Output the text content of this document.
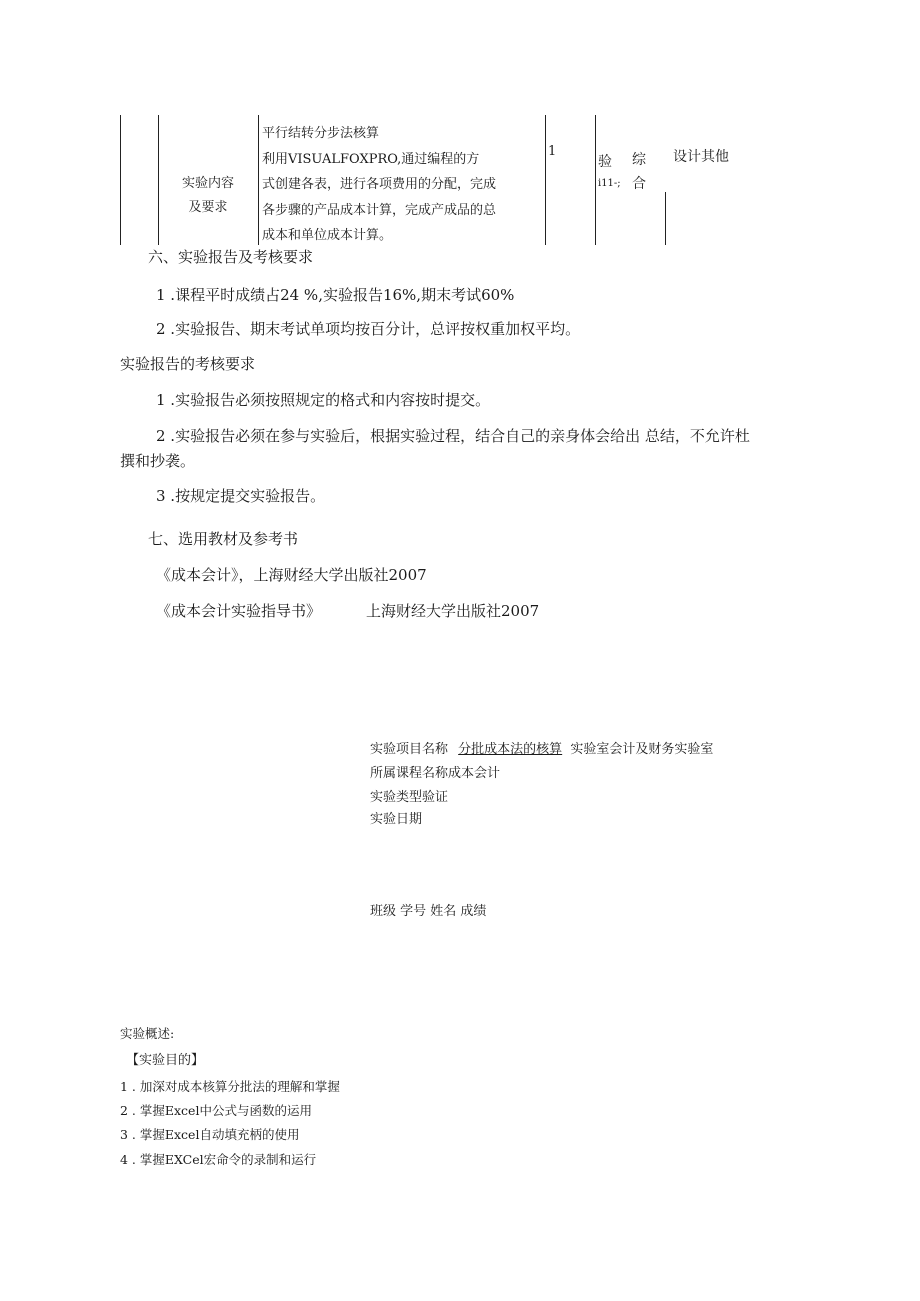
实验内容
及要求
平行结转分步法核算
利用VISUALFOXPRO,通过编程的方
式创建各表，进行各项费用的分配，完成
各步骤的产品成本计算，完成产成品的总
成本和单位成本计算。
1
验
i11-;
综
合
设计其他
六、实验报告及考核要求
1 .课程平时成绩占24 %,实验报告16%,期末考试60%
2 .实验报告、期末考试单项均按百分计，总评按权重加权平均。
实验报告的考核要求
1 .实验报告必须按照规定的格式和内容按时提交。
2 .实验报告必须在参与实验后，根据实验过程，结合自己的亲身体会给出 总结，不允许杜
撰和抄袭。
3 .按规定提交实验报告。
七、选用教材及参考书
《成本会计》，上海财经大学出版社2007
《成本会计实验指导书》	上海财经大学出版社2007
实验项目名称 分批成本法的核算 实验室会计及财务实验室
所属课程名称成本会计
实验类型验证
实验日期
班级 学号 姓名 成绩
实验概述:
【实验目的】
1 . 加深对成本核算分批法的理解和掌握
2 . 掌握Excel中公式与函数的运用
3 . 掌握Excel自动填充柄的使用
4 . 掌握EXCel宏命令的录制和运行
